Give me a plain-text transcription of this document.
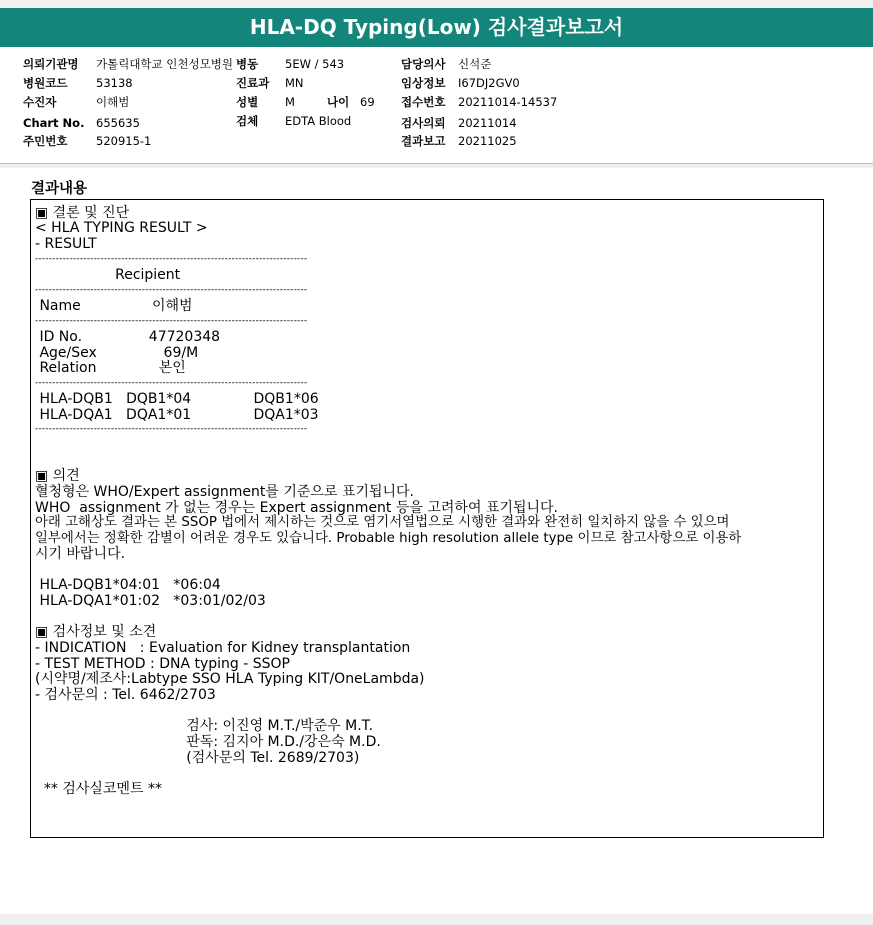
HLA-DQ Typing(Low) 검사결과보고서
의뢰기관명 가톨릭대학교 인천성모병원 병동 5EW / 543	담당의사 신석준
병원코드 53138	진료과 MN	임상정보 I67DJ2GV0
수진자	이해범	성별 M	나이 69 접수번호 20211014-14537
Chart No. 655635	검체 EDTA Blood	검사의뢰 20211014
주민번호 520915-1	결과보고 20211025
결과내용
▣ 결론 및 진단
< HLA TYPING RESULT >
- RESULT
-------------------------------------------------------------------------------
Recipient
-------------------------------------------------------------------------------
Name                이해범
-------------------------------------------------------------------------------
ID No.               47720348
Age/Sex               69/M
Relation              본인
-------------------------------------------------------------------------------
HLA-DQB1   DQB1*04              DQB1*06
HLA-DQA1   DQA1*01              DQA1*03
-------------------------------------------------------------------------------
▣ 의견
혈청형은 WHO/Expert assignment를 기준으로 표기됩니다.
WHO  assignment 가 없는 경우는 Expert assignment 등을 고려하여 표기됩니다.
아래 고해상도 결과는 본 SSOP 법에서 제시하는 것으로 염기서열법으로 시행한 결과와 완전히 일치하지 않을 수 있으며
일부에서는 정확한 감별이 어려운 경우도 있습니다. Probable high resolution allele type 이므로 참고사항으로 이용하
시기 바랍니다.
HLA-DQB1*04:01   *06:04
HLA-DQA1*01:02   *03:01/02/03
▣ 검사정보 및 소견
- INDICATION   : Evaluation for Kidney transplantation
- TEST METHOD : DNA typing - SSOP
(시약명/제조사:Labtype SSO HLA Typing KIT/OneLambda)
- 검사문의 : Tel. 6462/2703
검사: 이진영 M.T./박준우 M.T.
판독: 김지아 M.D./강은숙 M.D.
(검사문의 Tel. 2689/2703)
** 검사실코멘트 **
